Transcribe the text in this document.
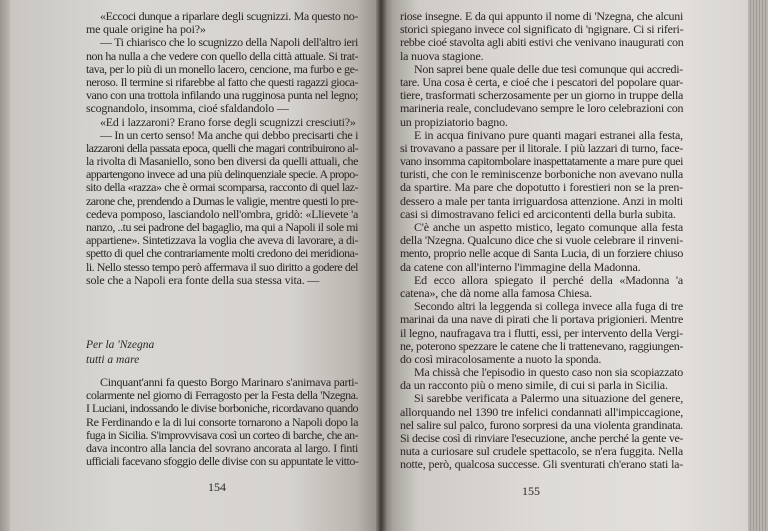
«Eccoci dunque a riparlare degli scugnizzi. Ma questo no-
me quale origine ha poi?»
— Ti chiarisco che lo scugnizzo della Napoli dell'altro ieri
non ha nulla a che vedere con quello della città attuale. Si trat-
tava, per lo più di un monello lacero, cencione, ma furbo e ge-
neroso. Il termine si rifarebbe al fatto che questi ragazzi gioca-
vano con una trottola infilando una rugginosa punta nel legno;
scognandolo, insomma, cioé sfaldandolo —
«Ed i lazzaroni? Erano forse degli scugnizzi cresciuti?»
— In un certo senso! Ma anche qui debbo precisarti che i
lazzaroni della passata epoca, quelli che magari contribuirono al-
la rivolta di Masaniello, sono ben diversi da quelli attuali, che
appartengono invece ad una più delinquenziale specie. A propo-
sito della «razza» che è ormai scomparsa, racconto di quel laz-
zarone che, prendendo a Dumas le valigie, mentre questi lo pre-
cedeva pomposo, lasciandolo nell'ombra, gridò: «Llievete 'a
nanzo, ..tu sei padrone del bagaglio, ma qui a Napoli il sole mi
appartiene». Sintetizzava la voglia che aveva di lavorare, a di-
spetto di quel che contrariamente molti credono dei meridiona-
li. Nello stesso tempo però affermava il suo diritto a godere del
sole che a Napoli era fonte della sua stessa vita. —
Per la 'Nzegna
tutti a mare
Cinquant'anni fa questo Borgo Marinaro s'animava parti-
colarmente nel giorno di Ferragosto per la Festa della 'Nzegna.
I Luciani, indossando le divise borboniche, ricordavano quando
Re Ferdinando e la di lui consorte tornarono a Napoli dopo la
fuga in Sicilia. S'improvvisava così un corteo di barche, che an-
dava incontro alla lancia del sovrano ancorata al largo. I finti
ufficiali facevano sfoggio delle divise con su appuntate le vitto-
154
riose insegne. E da qui appunto il nome di 'Nzegna, che alcuni
storici spiegano invece col significato di 'ngignare. Ci si riferi-
rebbe cioé stavolta agli abiti estivi che venivano inaugurati con
la nuova stagione.
Non saprei bene quale delle due tesi comunque qui accredi-
tare. Una cosa è certa, e cioé che i pescatori del popolare quar-
tiere, trasformati scherzosamente per un giorno in truppe della
marineria reale, concludevano sempre le loro celebrazioni con
un propiziatorio bagno.
E in acqua finivano pure quanti magari estranei alla festa,
si trovavano a passare per il litorale. I più lazzari di turno, face-
vano insomma capitombolare inaspettatamente a mare pure quei
turisti, che con le reminiscenze borboniche non avevano nulla
da spartire. Ma pare che dopotutto i forestieri non se la pren-
dessero a male per tanta irriguardosa attenzione. Anzi in molti
casi si dimostravano felici ed arcicontenti della burla subita.
C'è anche un aspetto mistico, legato comunque alla festa
della 'Nzegna. Qualcuno dice che si vuole celebrare il rinveni-
mento, proprio nelle acque di Santa Lucia, di un forziere chiuso
da catene con all'interno l'immagine della Madonna.
Ed ecco allora spiegato il perché della «Madonna 'a
catena», che dà nome alla famosa Chiesa.
Secondo altri la leggenda si collega invece alla fuga di tre
marinai da una nave di pirati che li portava prigionieri. Mentre
il legno, naufragava tra i flutti, essi, per intervento della Vergi-
ne, poterono spezzare le catene che li trattenevano, raggiungen-
do così miracolosamente a nuoto la sponda.
Ma chissà che l'episodio in questo caso non sia scopiazzato
da un racconto più o meno simile, di cui si parla in Sicilia.
Si sarebbe verificata a Palermo una situazione del genere,
allorquando nel 1390 tre infelici condannati all'impiccagione,
nel salire sul palco, furono sorpresi da una violenta grandinata.
Si decise così di rinviare l'esecuzione, anche perché la gente ve-
nuta a curiosare sul crudele spettacolo, se n'era fuggita. Nella
notte, però, qualcosa successe. Gli sventurati ch'erano stati la-
155
